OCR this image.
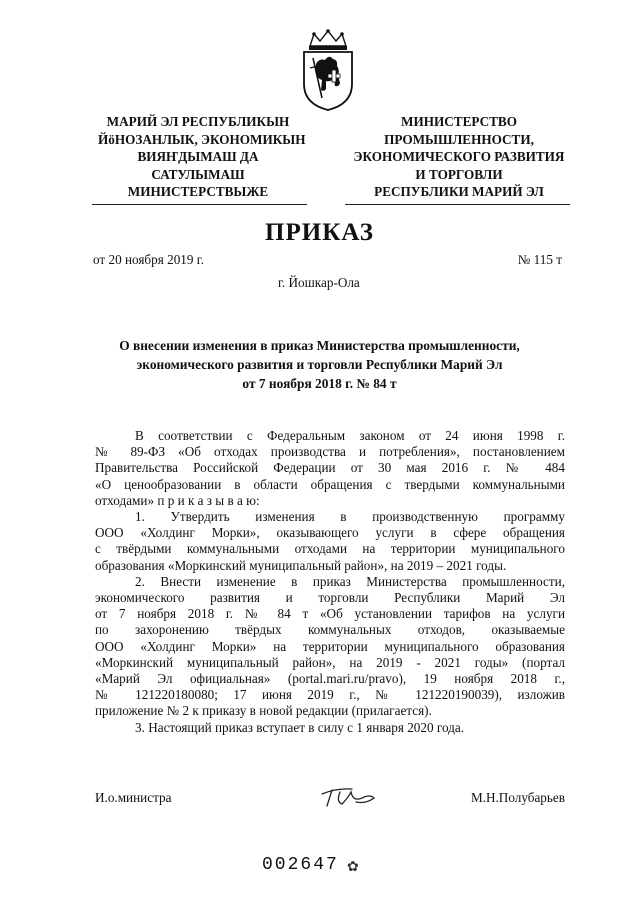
МАРИЙ ЭЛ РЕСПУБЛИКЫН
ЙӧНОЗАНЛЫК, ЭКОНОМИКЫН
ВИЯҤДЫМАШ ДА
САТУЛЫМАШ
МИНИСТЕРСТВЫЖЕ
МИНИСТЕРСТВО
ПРОМЫШЛЕННОСТИ,
ЭКОНОМИЧЕСКОГО РАЗВИТИЯ
И ТОРГОВЛИ
РЕСПУБЛИКИ МАРИЙ ЭЛ
ПРИКАЗ
от 20 ноября 2019 г.	№ 115 т
г. Йошкар-Ола
О внесении изменения в приказ Министерства промышленности,
экономического развития и торговли Республики Марий Эл
от 7 ноября 2018 г. № 84 т

В соответствии с Федеральным законом от 24 июня 1998 г.
№ 89-ФЗ «Об отходах производства и потребления», постановлением
Правительства Российской Федерации от 30 мая 2016 г. № 484
«О ценообразовании в области обращения с твердыми коммунальными
отходами» п р и к а з ы в а ю:

1. Утвердить изменения в производственную программу
ООО «Холдинг Морки», оказывающего услуги в сфере обращения
с твёрдыми коммунальными отходами на территории муниципального
образования «Моркинский муниципальный район», на 2019 – 2021 годы.

2. Внести изменение в приказ Министерства промышленности,
экономического развития и торговли Республики Марий Эл
от 7 ноября 2018 г. № 84 т «Об установлении тарифов на услуги
по захоронению твёрдых коммунальных отходов, оказываемые
ООО «Холдинг Морки» на территории муниципального образования
«Моркинский муниципальный район», на 2019 - 2021 годы» (портал
«Марий Эл официальная» (portal.mari.ru/pravo), 19 ноября 2018 г.,
№ 121220180080; 17 июня 2019 г., № 121220190039), изложив
приложение № 2 к приказу в новой редакции (прилагается).

3. Настоящий приказ вступает в силу с 1 января 2020 года.

И.о.министра	М.Н.Полубарьев
002647 ✿
